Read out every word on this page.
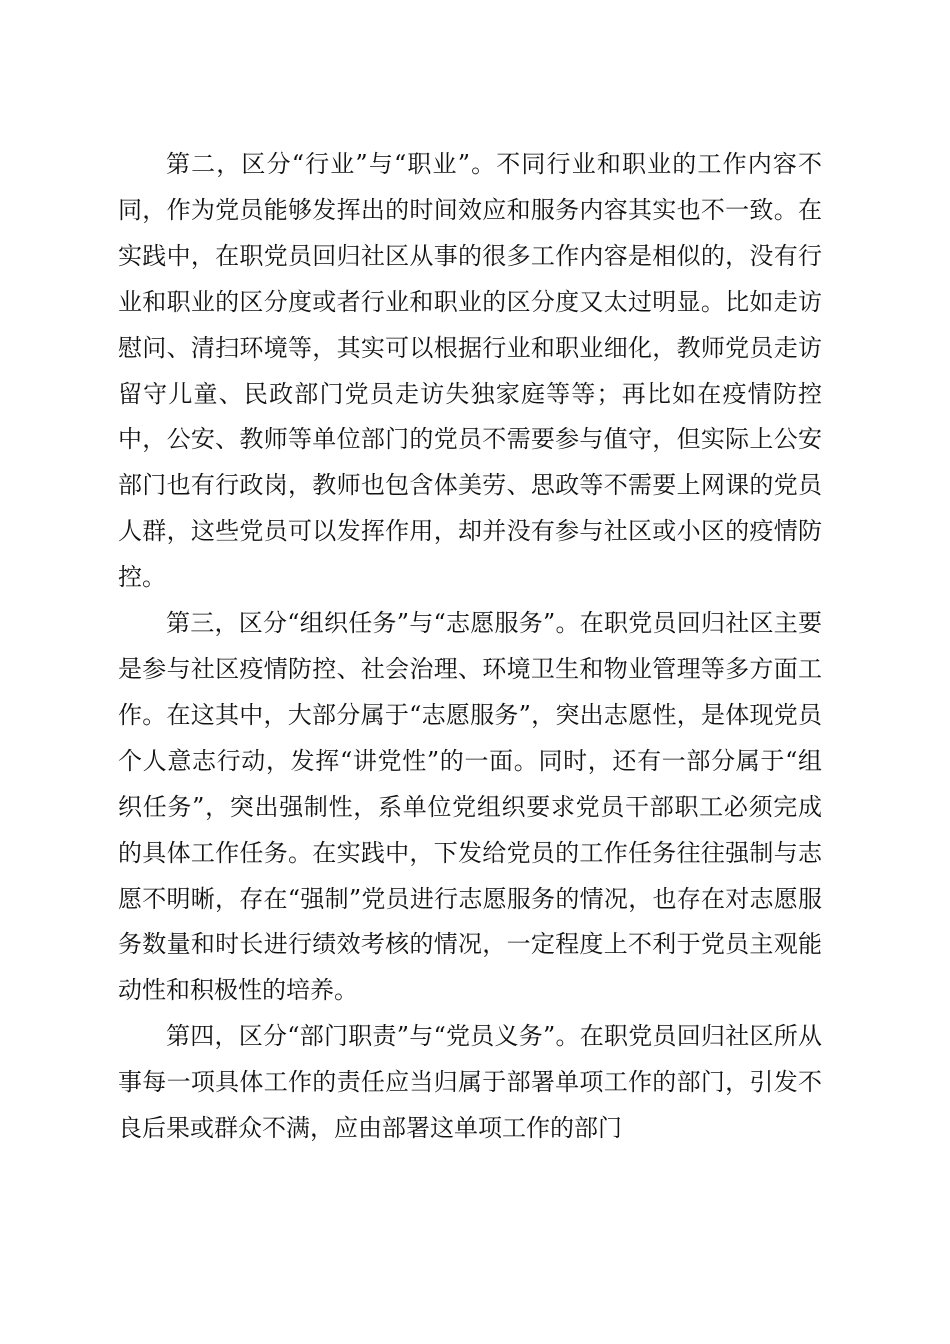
第二，区分“行业”与“职业”。不同行业和职业的工作内容不同，作为党员能够发挥出的时间效应和服务内容其实也不一致。在实践中，在职党员回归社区从事的很多工作内容是相似的，没有行业和职业的区分度或者行业和职业的区分度又太过明显。比如走访慰问、清扫环境等，其实可以根据行业和职业细化，教师党员走访留守儿童、民政部门党员走访失独家庭等等；再比如在疫情防控中，公安、教师等单位部门的党员不需要参与值守，但实际上公安部门也有行政岗，教师也包含体美劳、思政等不需要上网课的党员人群，这些党员可以发挥作用，却并没有参与社区或小区的疫情防控。

第三，区分“组织任务”与“志愿服务”。在职党员回归社区主要是参与社区疫情防控、社会治理、环境卫生和物业管理等多方面工作。在这其中，大部分属于“志愿服务”，突出志愿性，是体现党员个人意志行动，发挥“讲党性”的一面。同时，还有一部分属于“组织任务”，突出强制性，系单位党组织要求党员干部职工必须完成的具体工作任务。在实践中，下发给党员的工作任务往往强制与志愿不明晰，存在“强制”党员进行志愿服务的情况，也存在对志愿服务数量和时长进行绩效考核的情况，一定程度上不利于党员主观能动性和积极性的培养。

第四，区分“部门职责”与“党员义务”。在职党员回归社区所从事每一项具体工作的责任应当归属于部署单项工作的部门，引发不良后果或群众不满，应由部署这单项工作的部门
